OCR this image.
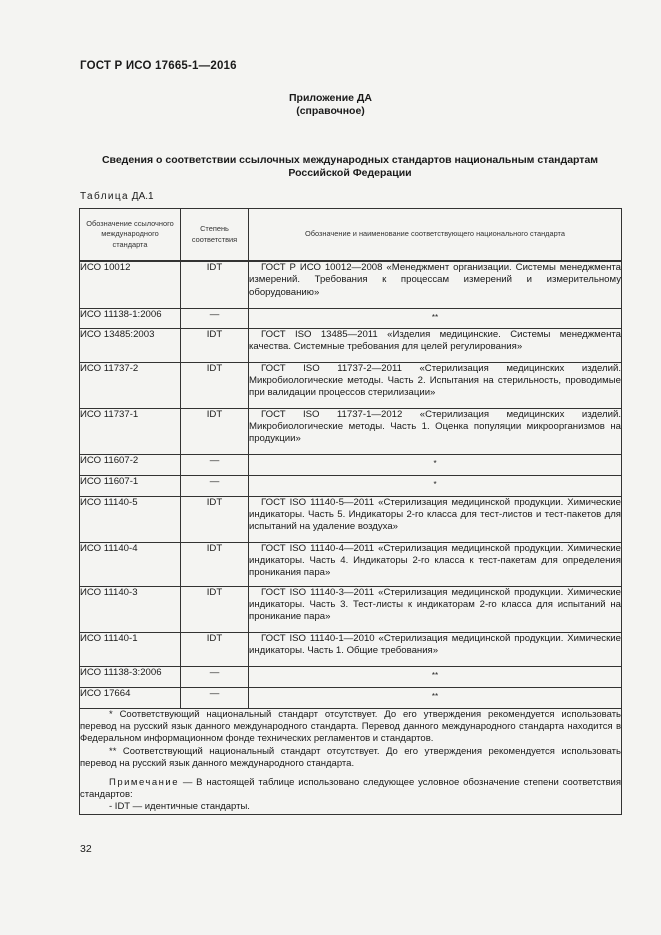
ГОСТ Р ИСО 17665-1—2016
Приложение ДА
(справочное)
Сведения о соответствии ссылочных международных стандартов национальным стандартам Российской Федерации
Таблица ДА.1
Обозначение ссылочного международного стандарта	Степень соответствия	Обозначение и наименование соответствующего национального стандарта
ИСО 10012	IDT	ГОСТ Р ИСО 10012—2008 «Менеджмент организации. Системы менеджмента измерений. Требования к процессам измерений и измерительному оборудованию»
ИСО 11138-1:2006	—	**
ИСО 13485:2003	IDT	ГОСТ ISO 13485—2011 «Изделия медицинские. Системы менеджмента качества. Системные требования для целей регулирования»
ИСО 11737-2	IDT	ГОСТ ISO 11737-2—2011 «Стерилизация медицинских изделий. Микробиологические методы. Часть 2. Испытания на стерильность, проводимые при валидации процессов стерилизации»
ИСО 11737-1	IDT	ГОСТ ISO 11737-1—2012 «Стерилизация медицинских изделий. Микробиологические методы. Часть 1. Оценка популяции микроорганизмов на продукции»
ИСО 11607-2	—	*
ИСО 11607-1	—	*
ИСО 11140-5	IDT	ГОСТ ISO 11140-5—2011 «Стерилизация медицинской продукции. Химические индикаторы. Часть 5. Индикаторы 2-го класса для тест-листов и тест-пакетов для испытаний на удаление воздуха»
ИСО 11140-4	IDT	ГОСТ ISO 11140-4—2011 «Стерилизация медицинской продукции. Химические индикаторы. Часть 4. Индикаторы 2-го класса к тест-пакетам для определения проникания пара»
ИСО 11140-3	IDT	ГОСТ ISO 11140-3—2011 «Стерилизация медицинской продукции. Химические индикаторы. Часть 3. Тест-листы к индикаторам 2-го класса для испытаний на проникание пара»
ИСО 11140-1	IDT	ГОСТ ISO 11140-1—2010 «Стерилизация медицинской продукции. Химические индикаторы. Часть 1. Общие требования»
ИСО 11138-3:2006	—	**
ИСО 17664	—	**

* Соответствующий национальный стандарт отсутствует. До его утверждения рекомендуется использовать перевод на русский язык данного международного стандарта. Перевод данного международного стандарта находится в Федеральном информационном фонде технических регламентов и стандартов.

** Соответствующий национальный стандарт отсутствует. До его утверждения рекомендуется использовать перевод на русский язык данного международного стандарта.

Примечание — В настоящей таблице использовано следующее условное обозначение степени соответствия стандартов:

- IDT — идентичные стандарты.		

32
